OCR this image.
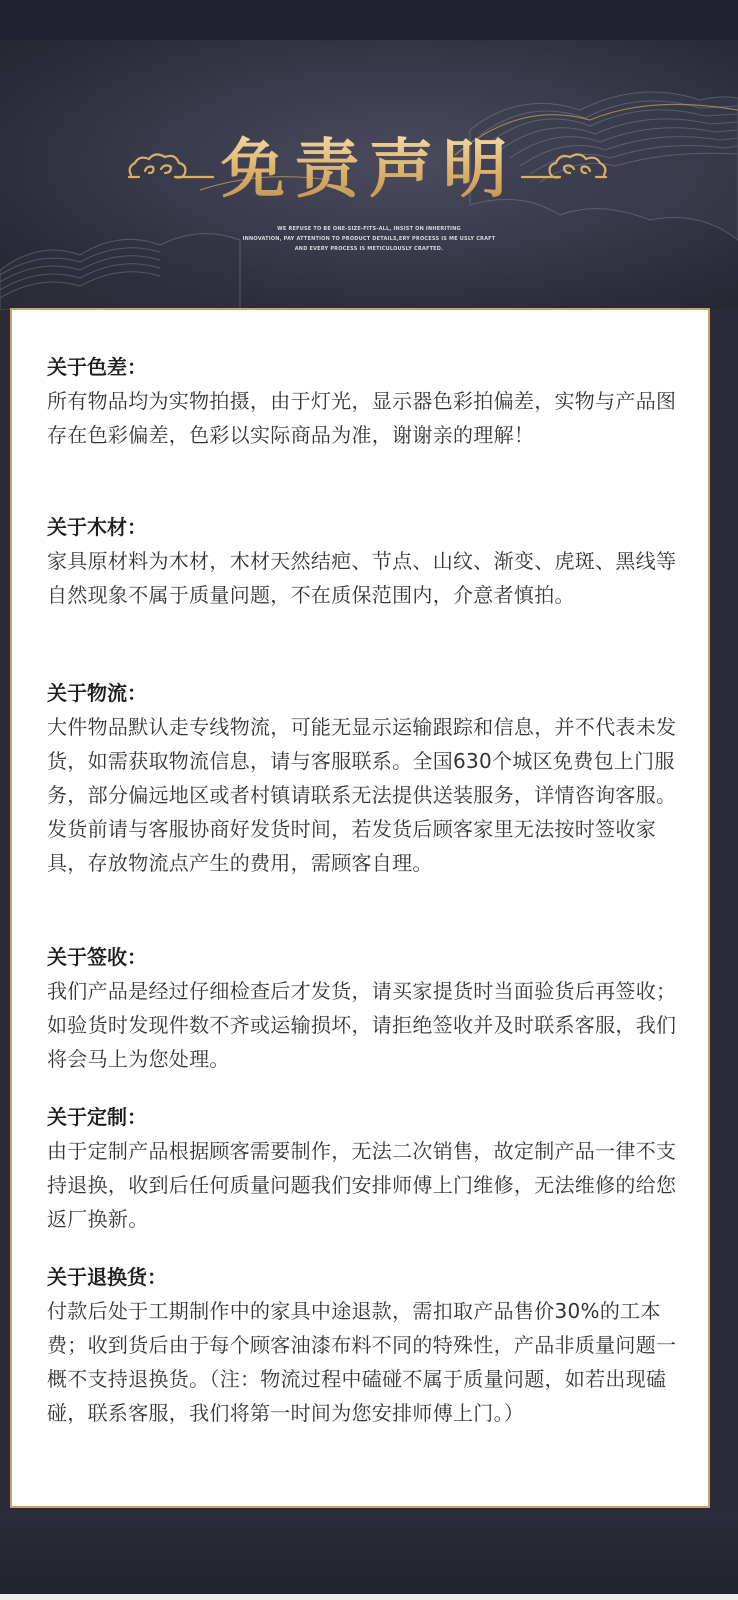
免责声明
WE REFUSE TO BE ONE-SIZE-FITS-ALL, INSIST ON INHERITING
INNOVATION, PAY ATTENTION TO PRODUCT DETAILS,ERY PROCESS IS ME USLY CRAFT
AND EVERY PROCESS IS METICULOUSLY CRAFTED.
关于色差：

所有物品均为实物拍摄，由于灯光，显示器色彩拍偏差，实物与产品图存在色彩偏差，色彩以实际商品为准，谢谢亲的理解！

关于木材：

家具原材料为木材，木材天然结疤、节点、山纹、渐变、虎斑、黑线等自然现象不属于质量问题，不在质保范围内，介意者慎拍。

关于物流：

大件物品默认走专线物流，可能无显示运输跟踪和信息，并不代表未发货，如需获取物流信息，请与客服联系。全国630个城区免费包上门服务，部分偏远地区或者村镇请联系无法提供送装服务，详情咨询客服。发货前请与客服协商好发货时间，若发货后顾客家里无法按时签收家具，存放物流点产生的费用，需顾客自理。

关于签收：

我们产品是经过仔细检查后才发货，请买家提货时当面验货后再签收；如验货时发现件数不齐或运输损坏，请拒绝签收并及时联系客服，我们将会马上为您处理。

关于定制：

由于定制产品根据顾客需要制作，无法二次销售，故定制产品一律不支持退换，收到后任何质量问题我们安排师傅上门维修，无法维修的给您返厂换新。

关于退换货：

付款后处于工期制作中的家具中途退款，需扣取产品售价30%的工本费；收到货后由于每个顾客油漆布料不同的特殊性，产品非质量问题一概不支持退换货。（注：物流过程中磕碰不属于质量问题，如若出现磕碰，联系客服，我们将第一时间为您安排师傅上门。）
